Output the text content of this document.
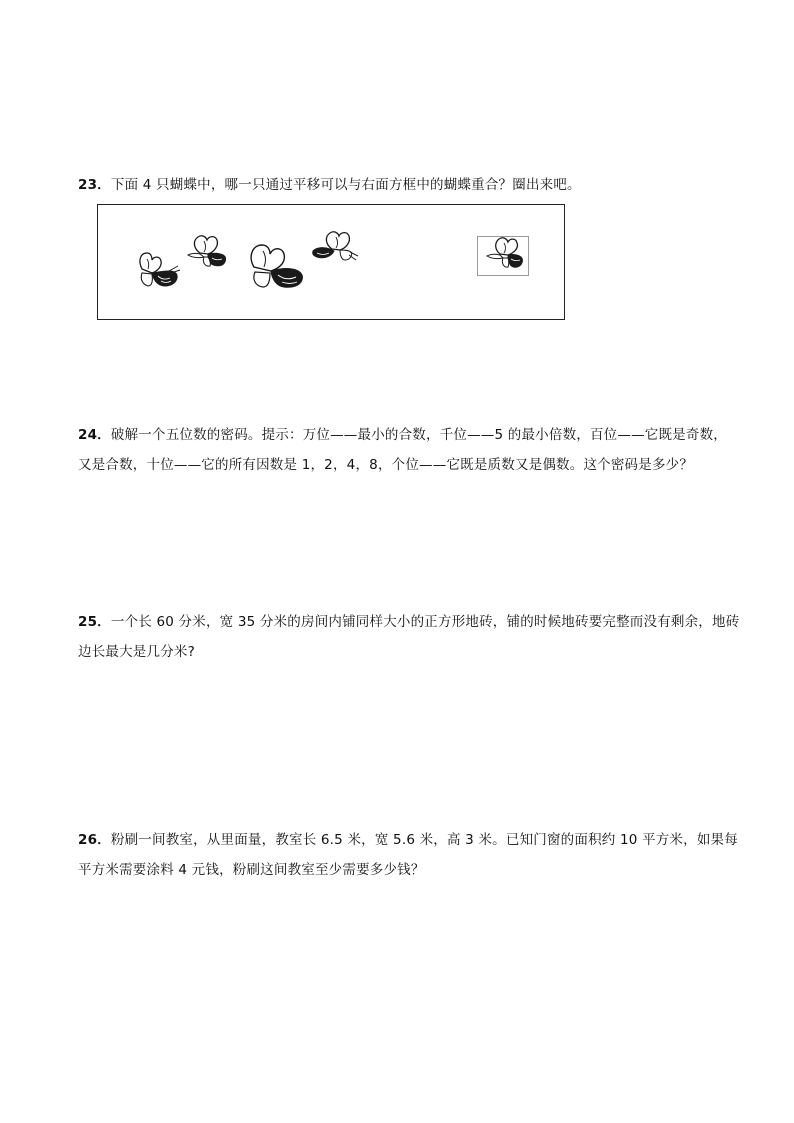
23．下面 4 只蝴蝶中，哪一只通过平移可以与右面方框中的蝴蝶重合？圈出来吧。
24．破解一个五位数的密码。提示：万位——最小的合数，千位——5 的最小倍数，百位——它既是奇数，又是合数，十位——它的所有因数是 1，2，4，8，个位——它既是质数又是偶数。这个密码是多少？
25．一个长 60 分米，宽 35 分米的房间内铺同样大小的正方形地砖，铺的时候地砖要完整而没有剩余，地砖边长最大是几分米?
26．粉刷一间教室，从里面量，教室长 6.5 米，宽 5.6 米，高 3 米。已知门窗的面积约 10 平方米，如果每平方米需要涂料 4 元钱，粉刷这间教室至少需要多少钱？
